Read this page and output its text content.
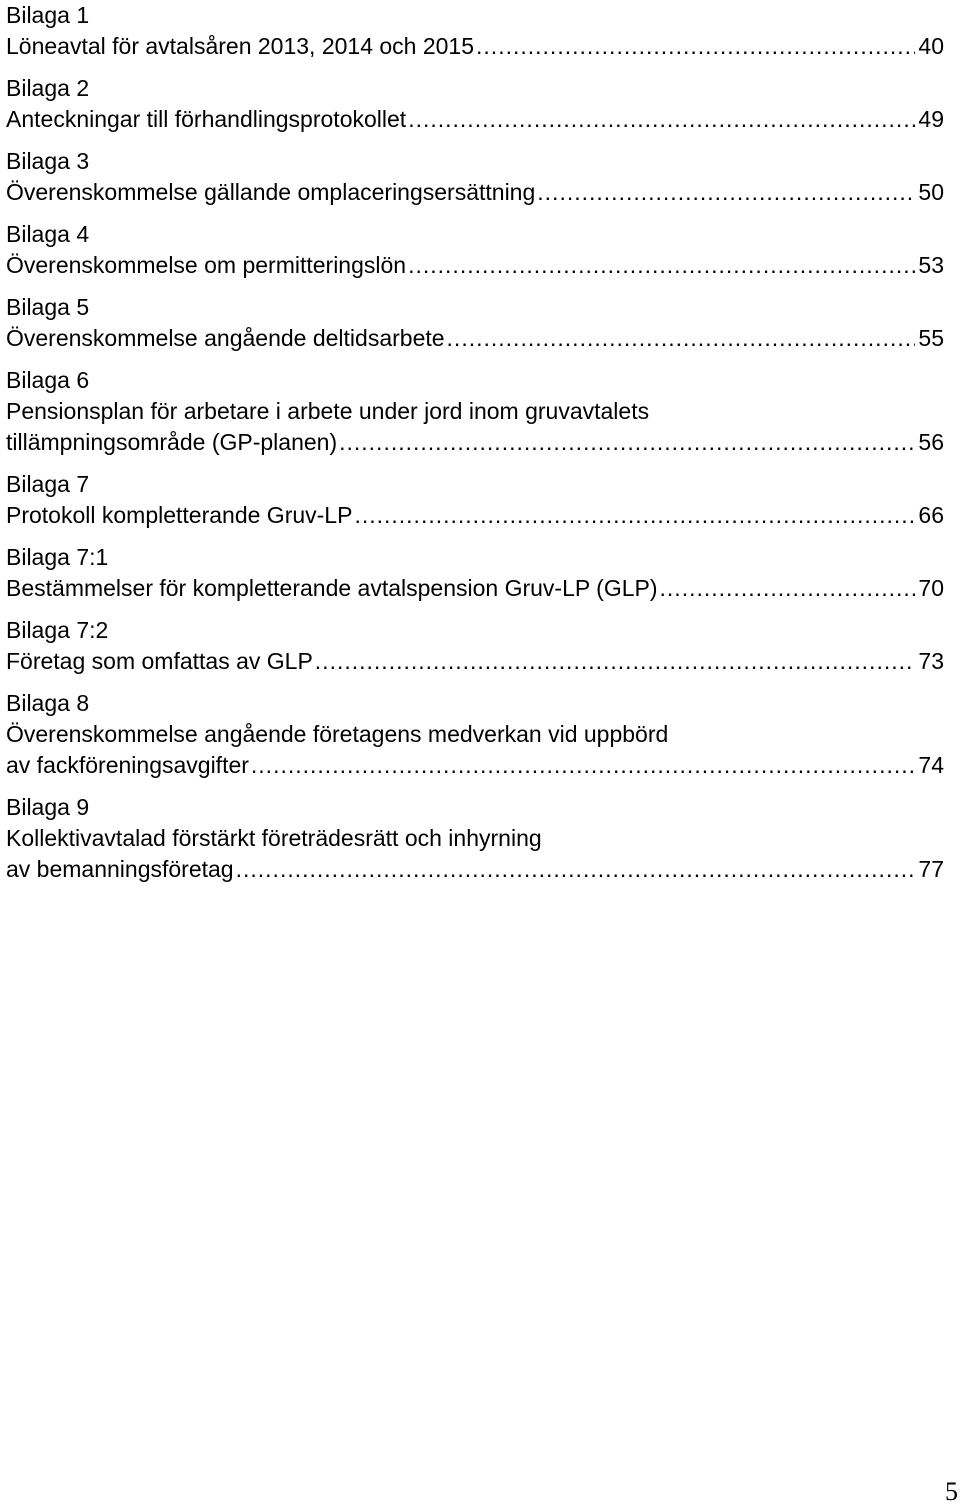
Bilaga 1
Löneavtal för avtalsåren 2013, 2014 och 2015 .....	40
Bilaga 2
Anteckningar till förhandlingsprotokollet .....	49
Bilaga 3
Överenskommelse gällande omplaceringsersättning .....	50
Bilaga 4
Överenskommelse om permitteringslön .....	53
Bilaga 5
Överenskommelse angående deltidsarbete .....	55
Bilaga 6
Pensionsplan för arbetare i arbete under jord inom gruvavtalets
tillämpningsområde (GP-planen) .....	56
Bilaga 7
Protokoll kompletterande Gruv-LP .....	66
Bilaga 7:1
Bestämmelser för kompletterande avtalspension Gruv-LP (GLP) .....	70
Bilaga 7:2
Företag som omfattas av GLP .....	73
Bilaga 8
Överenskommelse angående företagens medverkan vid uppbörd
av fackföreningsavgifter .....	74
Bilaga 9
Kollektivavtalad förstärkt företrädesrätt och inhyrning
av bemanningsföretag .....	77
5
